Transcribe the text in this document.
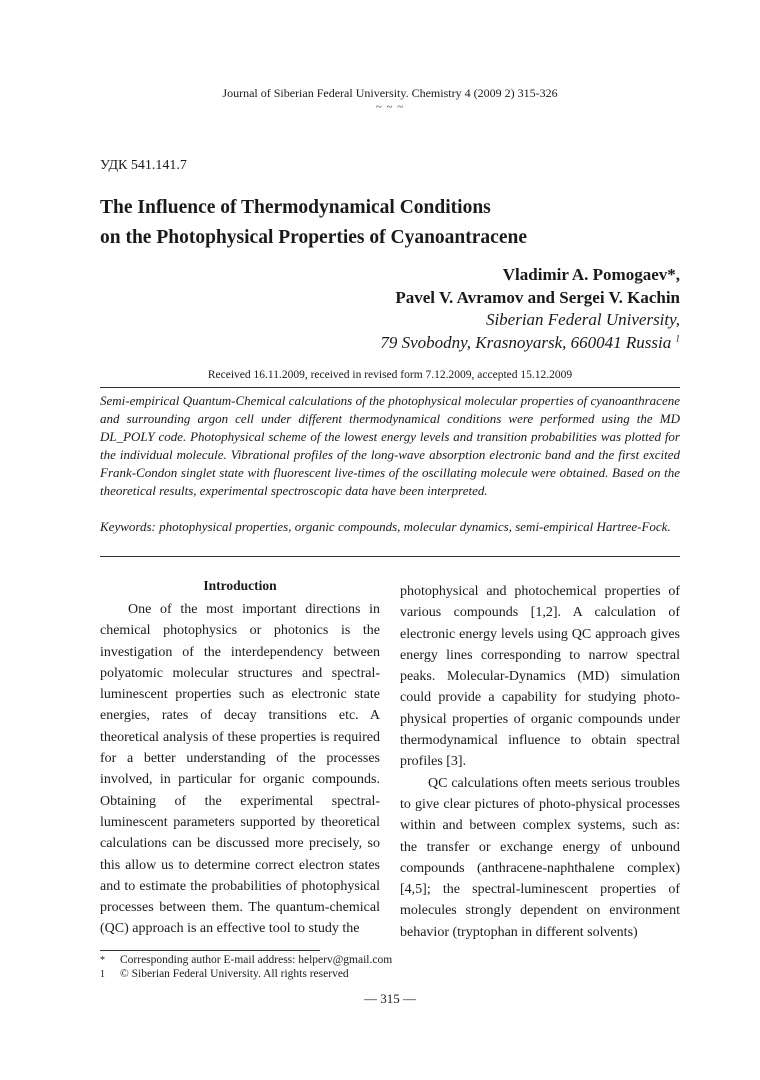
Journal of Siberian Federal University. Chemistry 4 (2009 2) 315-326
~ ~ ~
УДК 541.141.7
The Influence of Thermodynamical Conditions
on the Photophysical Properties of Cyanoantracene
Vladimir A. Pomogaev*,
Pavel V. Avramov and Sergei V. Kachin
Siberian Federal University,
79 Svobodny, Krasnoyarsk, 660041 Russia $^1$
Received 16.11.2009, received in revised form 7.12.2009, accepted 15.12.2009
Semi-empirical Quantum-Chemical calculations of the photophysical molecular properties of cyanoanthracene and surrounding argon cell under different thermodynamical conditions were performed using the MD DL_POLY code. Photophysical scheme of the lowest energy levels and transition probabilities was plotted for the individual molecule. Vibrational profiles of the long-wave absorption electronic band and the first excited Frank-Condon singlet state with fluorescent live-times of the oscillating molecule were obtained. Based on the theoretical results, experimental spectroscopic data have been interpreted.
Keywords: photophysical properties, organic compounds, molecular dynamics, semi-empirical Hartree-Fock.
Introduction

One of the most important directions in chemical photophysics or photonics is the investigation of the interdependency between polyatomic molecular structures and spectral-luminescent properties such as electronic state energies, rates of decay transitions etc. A theoretical analysis of these properties is required for a better understanding of the processes involved, in particular for organic compounds. Obtaining of the experimental spectral-luminescent parameters supported by theoretical calculations can be discussed more precisely, so this allow us to determine correct electron states and to estimate the probabilities of photophysical processes between them. The quantum-chemical (QC) approach is an effective tool to study the

photophysical and photochemical properties of various compounds [1,2]. A calculation of electronic energy levels using QC approach gives energy lines corresponding to narrow spectral peaks. Molecular-Dynamics (MD) simulation could provide a capability for studying photo-physical properties of organic compounds under thermodynamical influence to obtain spectral profiles [3].

QC calculations often meets serious troubles to give clear pictures of photo-physical processes within and between complex systems, such as: the transfer or exchange energy of unbound compounds (anthracene-naphthalene complex) [4,5]; the spectral-luminescent properties of molecules strongly dependent on environment behavior (tryptophan in different solvents)

* Corresponding author E-mail address: helperv@gmail.com
1 © Siberian Federal University. All rights reserved
— 315 —
